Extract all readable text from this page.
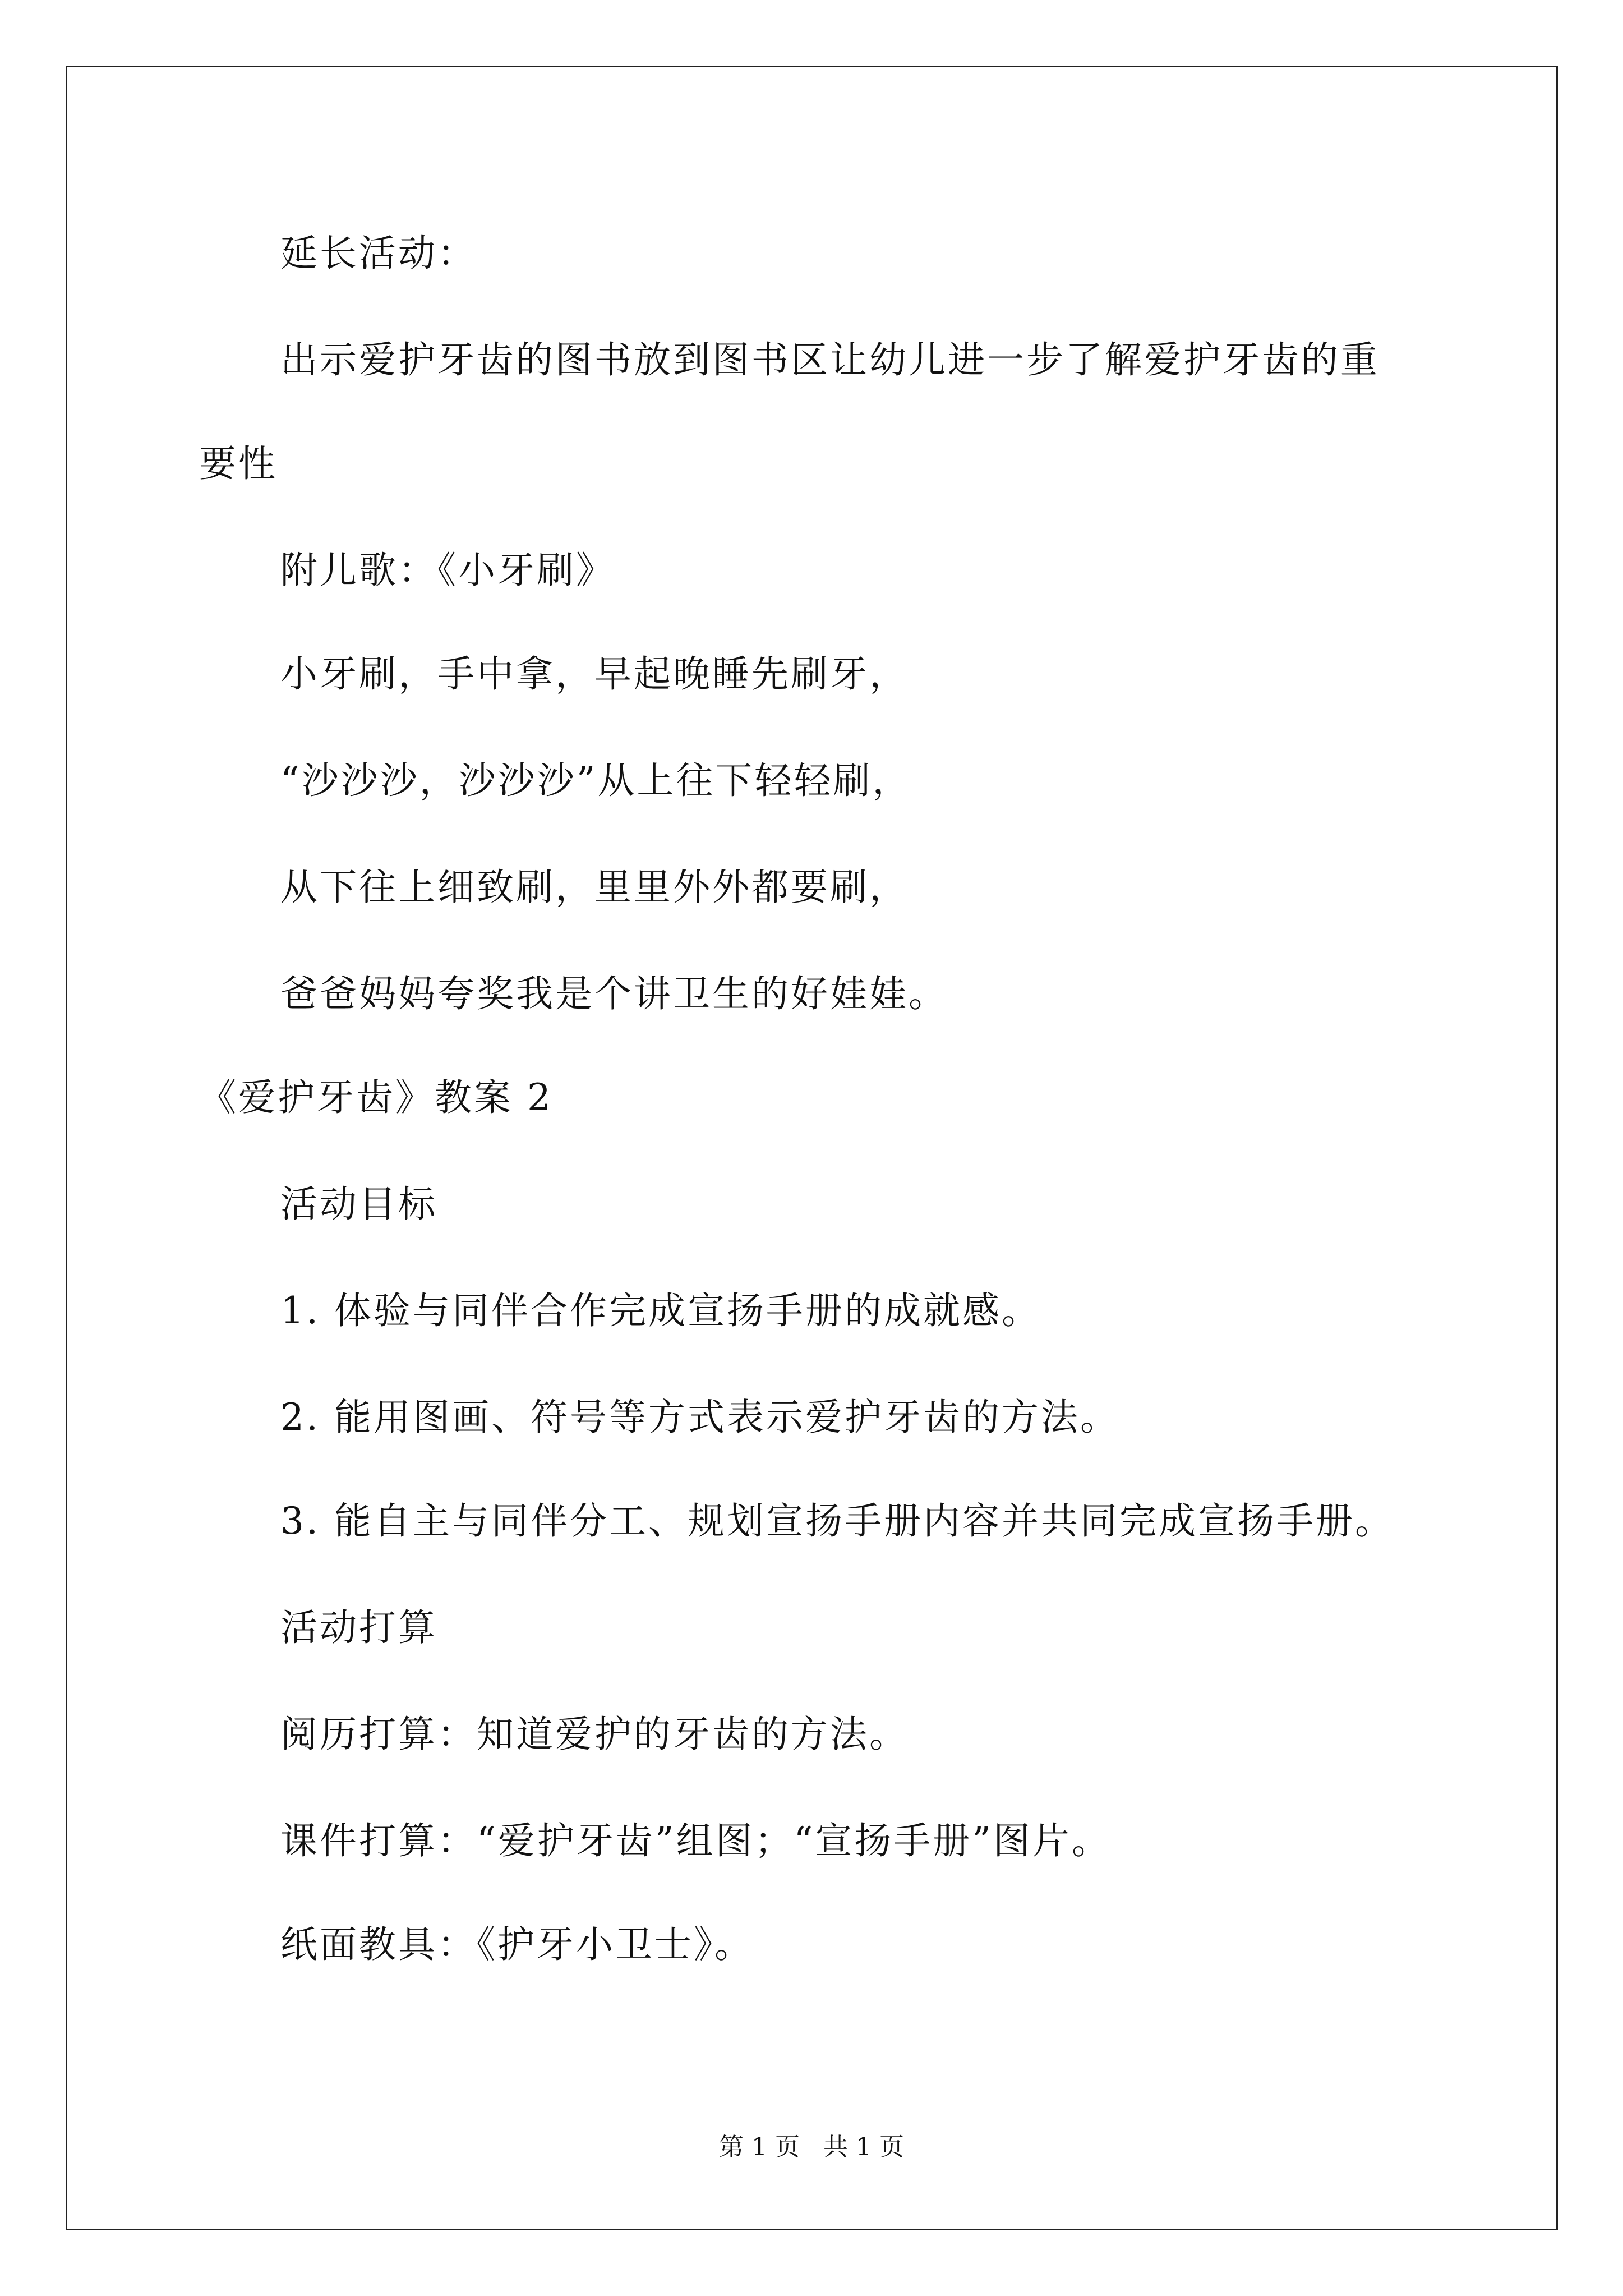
延长活动：
出示爱护牙齿的图书放到图书区让幼儿进一步了解爱护牙齿的重
要性
附儿歌：《小牙刷》
小牙刷，手中拿，早起晚睡先刷牙，
“沙沙沙，沙沙沙”从上往下轻轻刷，
从下往上细致刷，里里外外都要刷，
爸爸妈妈夸奖我是个讲卫生的好娃娃。
《爱护牙齿》教案 2
活动目标
1. 体验与同伴合作完成宣扬手册的成就感。
2. 能用图画、符号等方式表示爱护牙齿的方法。
3. 能自主与同伴分工、规划宣扬手册内容并共同完成宣扬手册。
活动打算
阅历打算：知道爱护的牙齿的方法。
课件打算：“爱护牙齿”组图；“宣扬手册”图片。
纸面教具：《护牙小卫士》。
第 1 页   共 1 页
